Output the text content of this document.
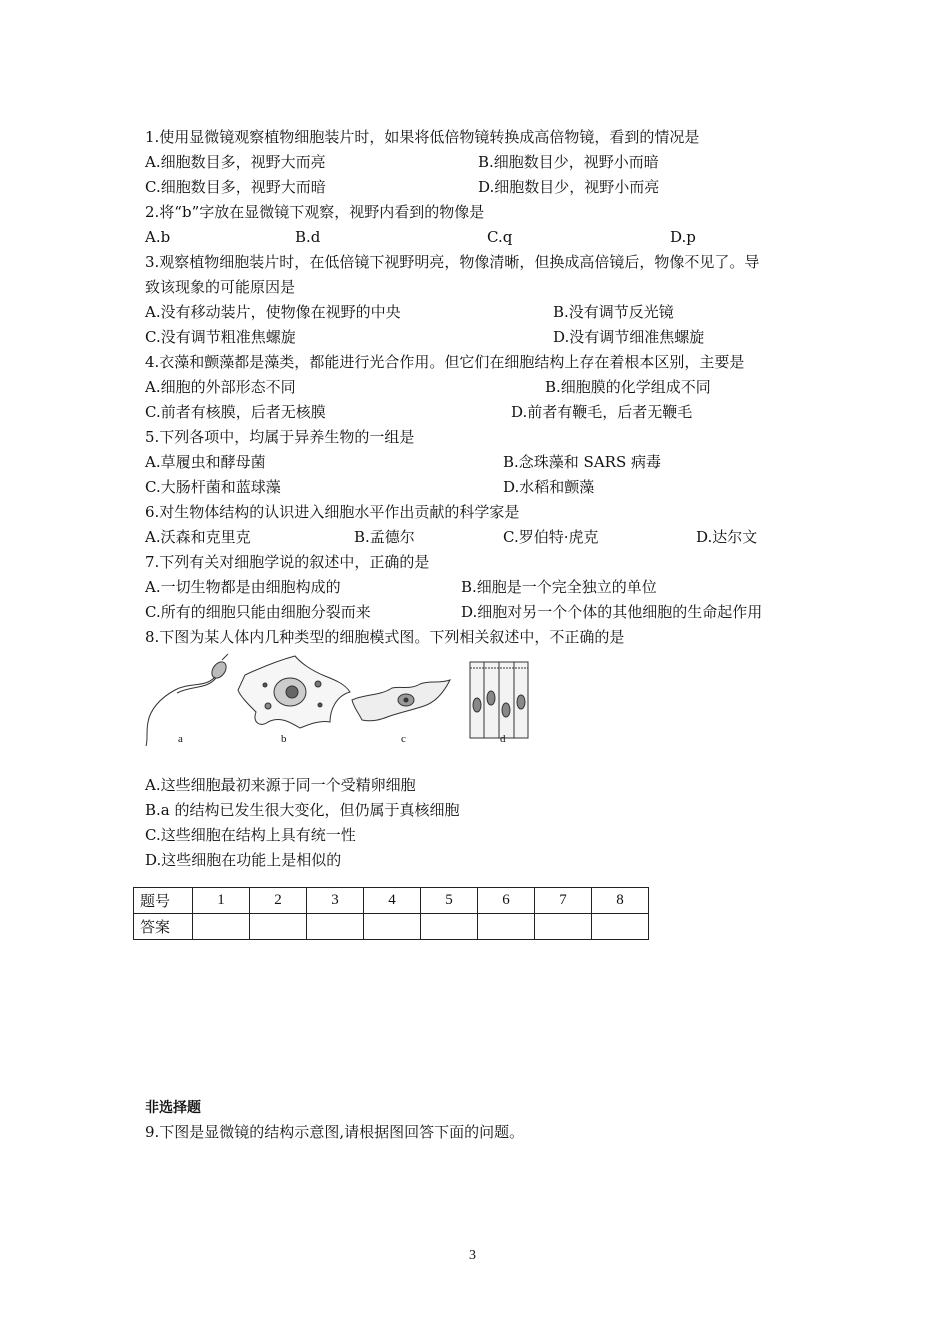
1.使用显微镜观察植物细胞装片时，如果将低倍物镜转换成高倍物镜，看到的情况是
A.细胞数目多，视野大而亮	B.细胞数目少，视野小而暗
C.细胞数目多，视野大而暗	D.细胞数目少，视野小而亮
2.将“b”字放在显微镜下观察，视野内看到的物像是
A.b	B.d	C.q	D.p
3.观察植物细胞装片时，在低倍镜下视野明亮，物像清晰，但换成高倍镜后，物像不见了。导
致该现象的可能原因是
A.没有移动装片，使物像在视野的中央	B.没有调节反光镜
C.没有调节粗准焦螺旋	D.没有调节细准焦螺旋
4.衣藻和颤藻都是藻类，都能进行光合作用。但它们在细胞结构上存在着根本区别，主要是
A.细胞的外部形态不同	B.细胞膜的化学组成不同
C.前者有核膜，后者无核膜	D.前者有鞭毛，后者无鞭毛
5.下列各项中，均属于异养生物的一组是
A.草履虫和酵母菌	B.念珠藻和 SARS 病毒
C.大肠杆菌和蓝球藻	D.水稻和颤藻
6.对生物体结构的认识进入细胞水平作出贡献的科学家是
A.沃森和克里克	B.孟德尔	C.罗伯特·虎克	D.达尔文
7.下列有关对细胞学说的叙述中，正确的是
A.一切生物都是由细胞构成的	B.细胞是一个完全独立的单位
C.所有的细胞只能由细胞分裂而来	D.细胞对另一个个体的其他细胞的生命起作用
8.下图为某人体内几种类型的细胞模式图。下列相关叙述中，不正确的是
a	b	c	d
A.这些细胞最初来源于同一个受精卵细胞
B.a 的结构已发生很大变化，但仍属于真核细胞
C.这些细胞在结构上具有统一性
D.这些细胞在功能上是相似的
题号	1	2	3	4	5	6	7	8
答案								
非选择题
9.下图是显微镜的结构示意图,请根据图回答下面的问题。
3
